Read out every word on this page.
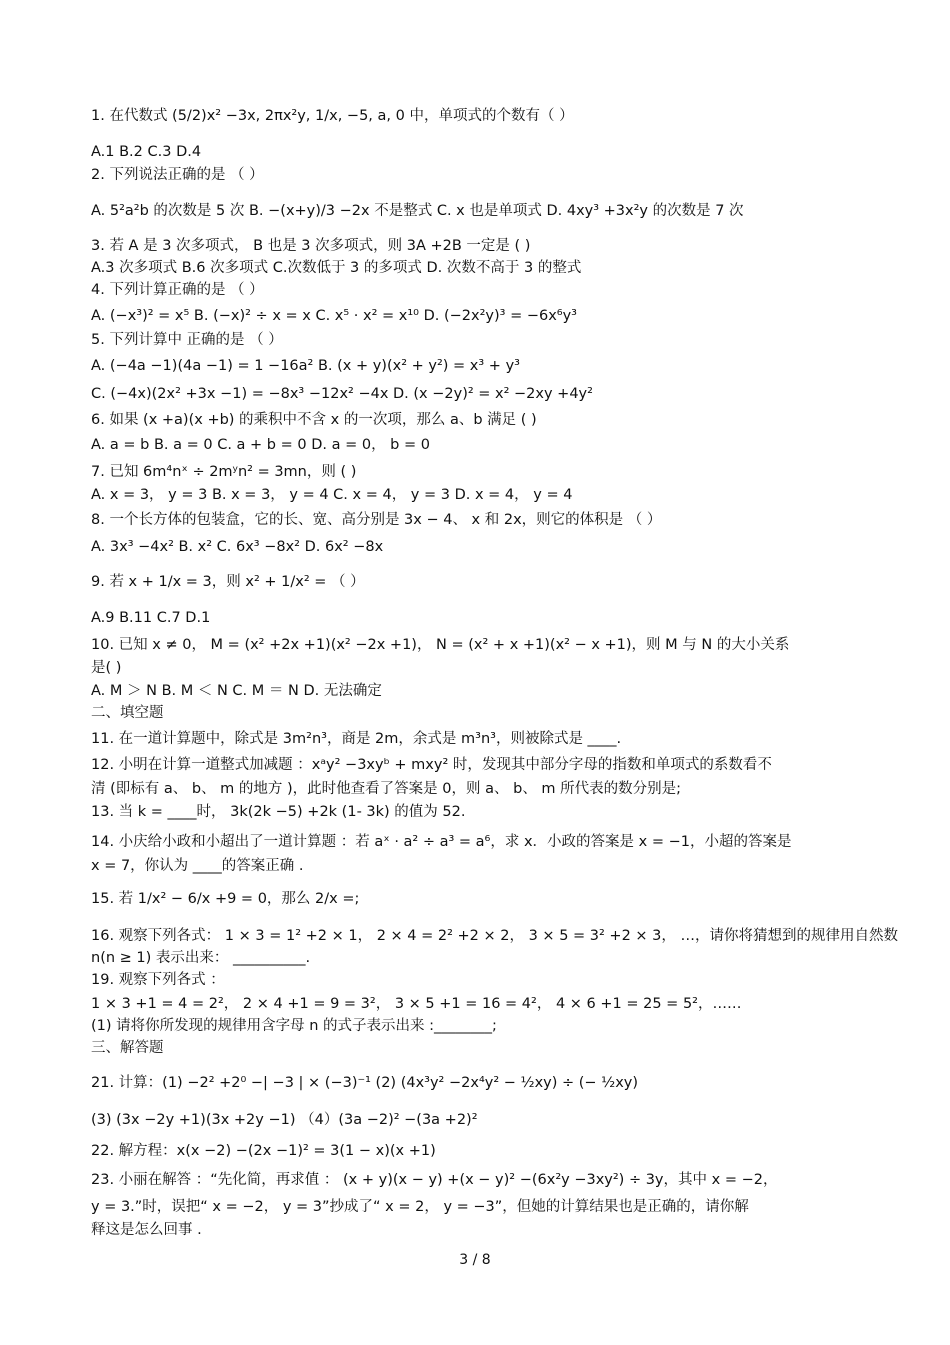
1. 在代数式 (5/2)x² −3x, 2πx²y, 1/x, −5, a, 0 中，单项式的个数有（ ）
A.1 B.2 C.3 D.4
2. 下列说法正确的是 （ ）
A. 5²a²b 的次数是 5 次 B. −(x+y)/3 −2x 不是整式 C. x 也是单项式 D. 4xy³ +3x²y 的次数是 7 次
3. 若 A 是 3 次多项式， B 也是 3 次多项式，则 3A +2B 一定是 ( )
A.3 次多项式 B.6 次多项式 C.次数低于 3 的多项式 D. 次数不高于 3 的整式
4. 下列计算正确的是 （ ）
A. (−x³)² = x⁵ B. (−x)² ÷ x = x C. x⁵ · x² = x¹⁰ D. (−2x²y)³ = −6x⁶y³
5. 下列计算中 正确的是 （ ）
A. (−4a −1)(4a −1) = 1 −16a² B. (x + y)(x² + y²) = x³ + y³
C. (−4x)(2x² +3x −1) = −8x³ −12x² −4x D. (x −2y)² = x² −2xy +4y²
6. 如果 (x +a)(x +b) 的乘积中不含 x 的一次项，那么 a、b 满足 ( )
A. a = b B. a = 0 C. a + b = 0 D. a = 0， b = 0
7. 已知 6m⁴nˣ ÷ 2mʸn² = 3mn，则 ( )
A. x = 3， y = 3 B. x = 3， y = 4 C. x = 4， y = 3 D. x = 4， y = 4
8. 一个长方体的包装盒，它的长、宽、高分别是 3x − 4、 x 和 2x，则它的体积是 （ ）
A. 3x³ −4x² B. x² C. 6x³ −8x² D. 6x² −8x
9. 若 x + 1/x = 3，则 x² + 1/x² = （ ）
A.9 B.11 C.7 D.1
10. 已知 x ≠ 0， M = (x² +2x +1)(x² −2x +1)， N = (x² + x +1)(x² − x +1)，则 M 与 N 的大小关系
是( )
A. M ＞ N B. M ＜ N C. M ＝ N D. 无法确定
二、填空题
11. 在一道计算题中，除式是 3m²n³，商是 2m，余式是 m³n³，则被除式是 ____.
12. 小明在计算一道整式加减题 ：xᵃy² −3xyᵇ + mxy² 时，发现其中部分字母的指数和单项式的系数看不
清 (即标有 a、 b、 m 的地方 )，此时他查看了答案是 0，则 a、 b、 m 所代表的数分别是;
13. 当 k = ____时， 3k(2k −5) +2k (1- 3k) 的值为 52.
14. 小庆给小政和小超出了一道计算题 ：若 aˣ · a² ÷ a³ = a⁶，求 x．小政的答案是 x = −1，小超的答案是
x = 7，你认为 ____的答案正确 .
15. 若 1/x² − 6/x +9 = 0，那么 2/x =;
16. 观察下列各式： 1 × 3 = 1² +2 × 1， 2 × 4 = 2² +2 × 2， 3 × 5 = 3² +2 × 3， …，请你将猜想到的规律用自然数
n(n ≥ 1) 表示出来： __________.
19. 观察下列各式 ：
1 × 3 +1 = 4 = 2²， 2 × 4 +1 = 9 = 3²， 3 × 5 +1 = 16 = 4²， 4 × 6 +1 = 25 = 5²，……
(1) 请将你所发现的规律用含字母 n 的式子表示出来 :________;
三、解答题
21. 计算：(1) −2² +2⁰ −| −3 | × (−3)⁻¹ (2) (4x³y² −2x⁴y² − ½xy) ÷ (− ½xy)
(3) (3x −2y +1)(3x +2y −1) （4）(3a −2)² −(3a +2)²
22. 解方程：x(x −2) −(2x −1)² = 3(1 − x)(x +1)
23. 小丽在解答 ：“先化简，再求值 ： (x + y)(x − y) +(x − y)² −(6x²y −3xy²) ÷ 3y，其中 x = −2，
y = 3.”时，误把“ x = −2， y = 3”抄成了“ x = 2， y = −3”，但她的计算结果也是正确的，请你解
释这是怎么回事 .
3 / 8
